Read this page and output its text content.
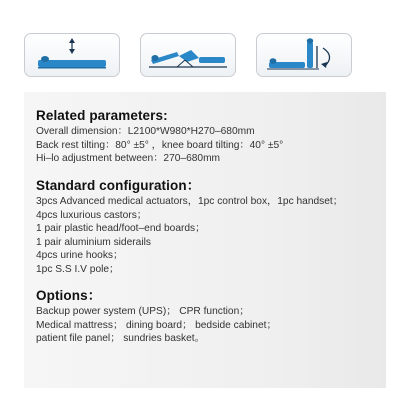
Related parameters:

Overall dimension：L2100*W980*H270–680mm

Back rest tilting：80° ±5° ，knee board tilting：40° ±5°

Hi–lo adjustment between：270–680mm

Standard configuration：

3pcs Advanced medical actuators，1pc control box，1pc handset；

4pcs luxurious castors；

1 pair plastic head/foot–end boards；

1 pair aluminium siderails

4pcs urine hooks；

1pc S.S I.V pole；

Options：

Backup power system (UPS)； CPR function；

Medical mattress； dining board； bedside cabinet；

patient file panel； sundries basket。
